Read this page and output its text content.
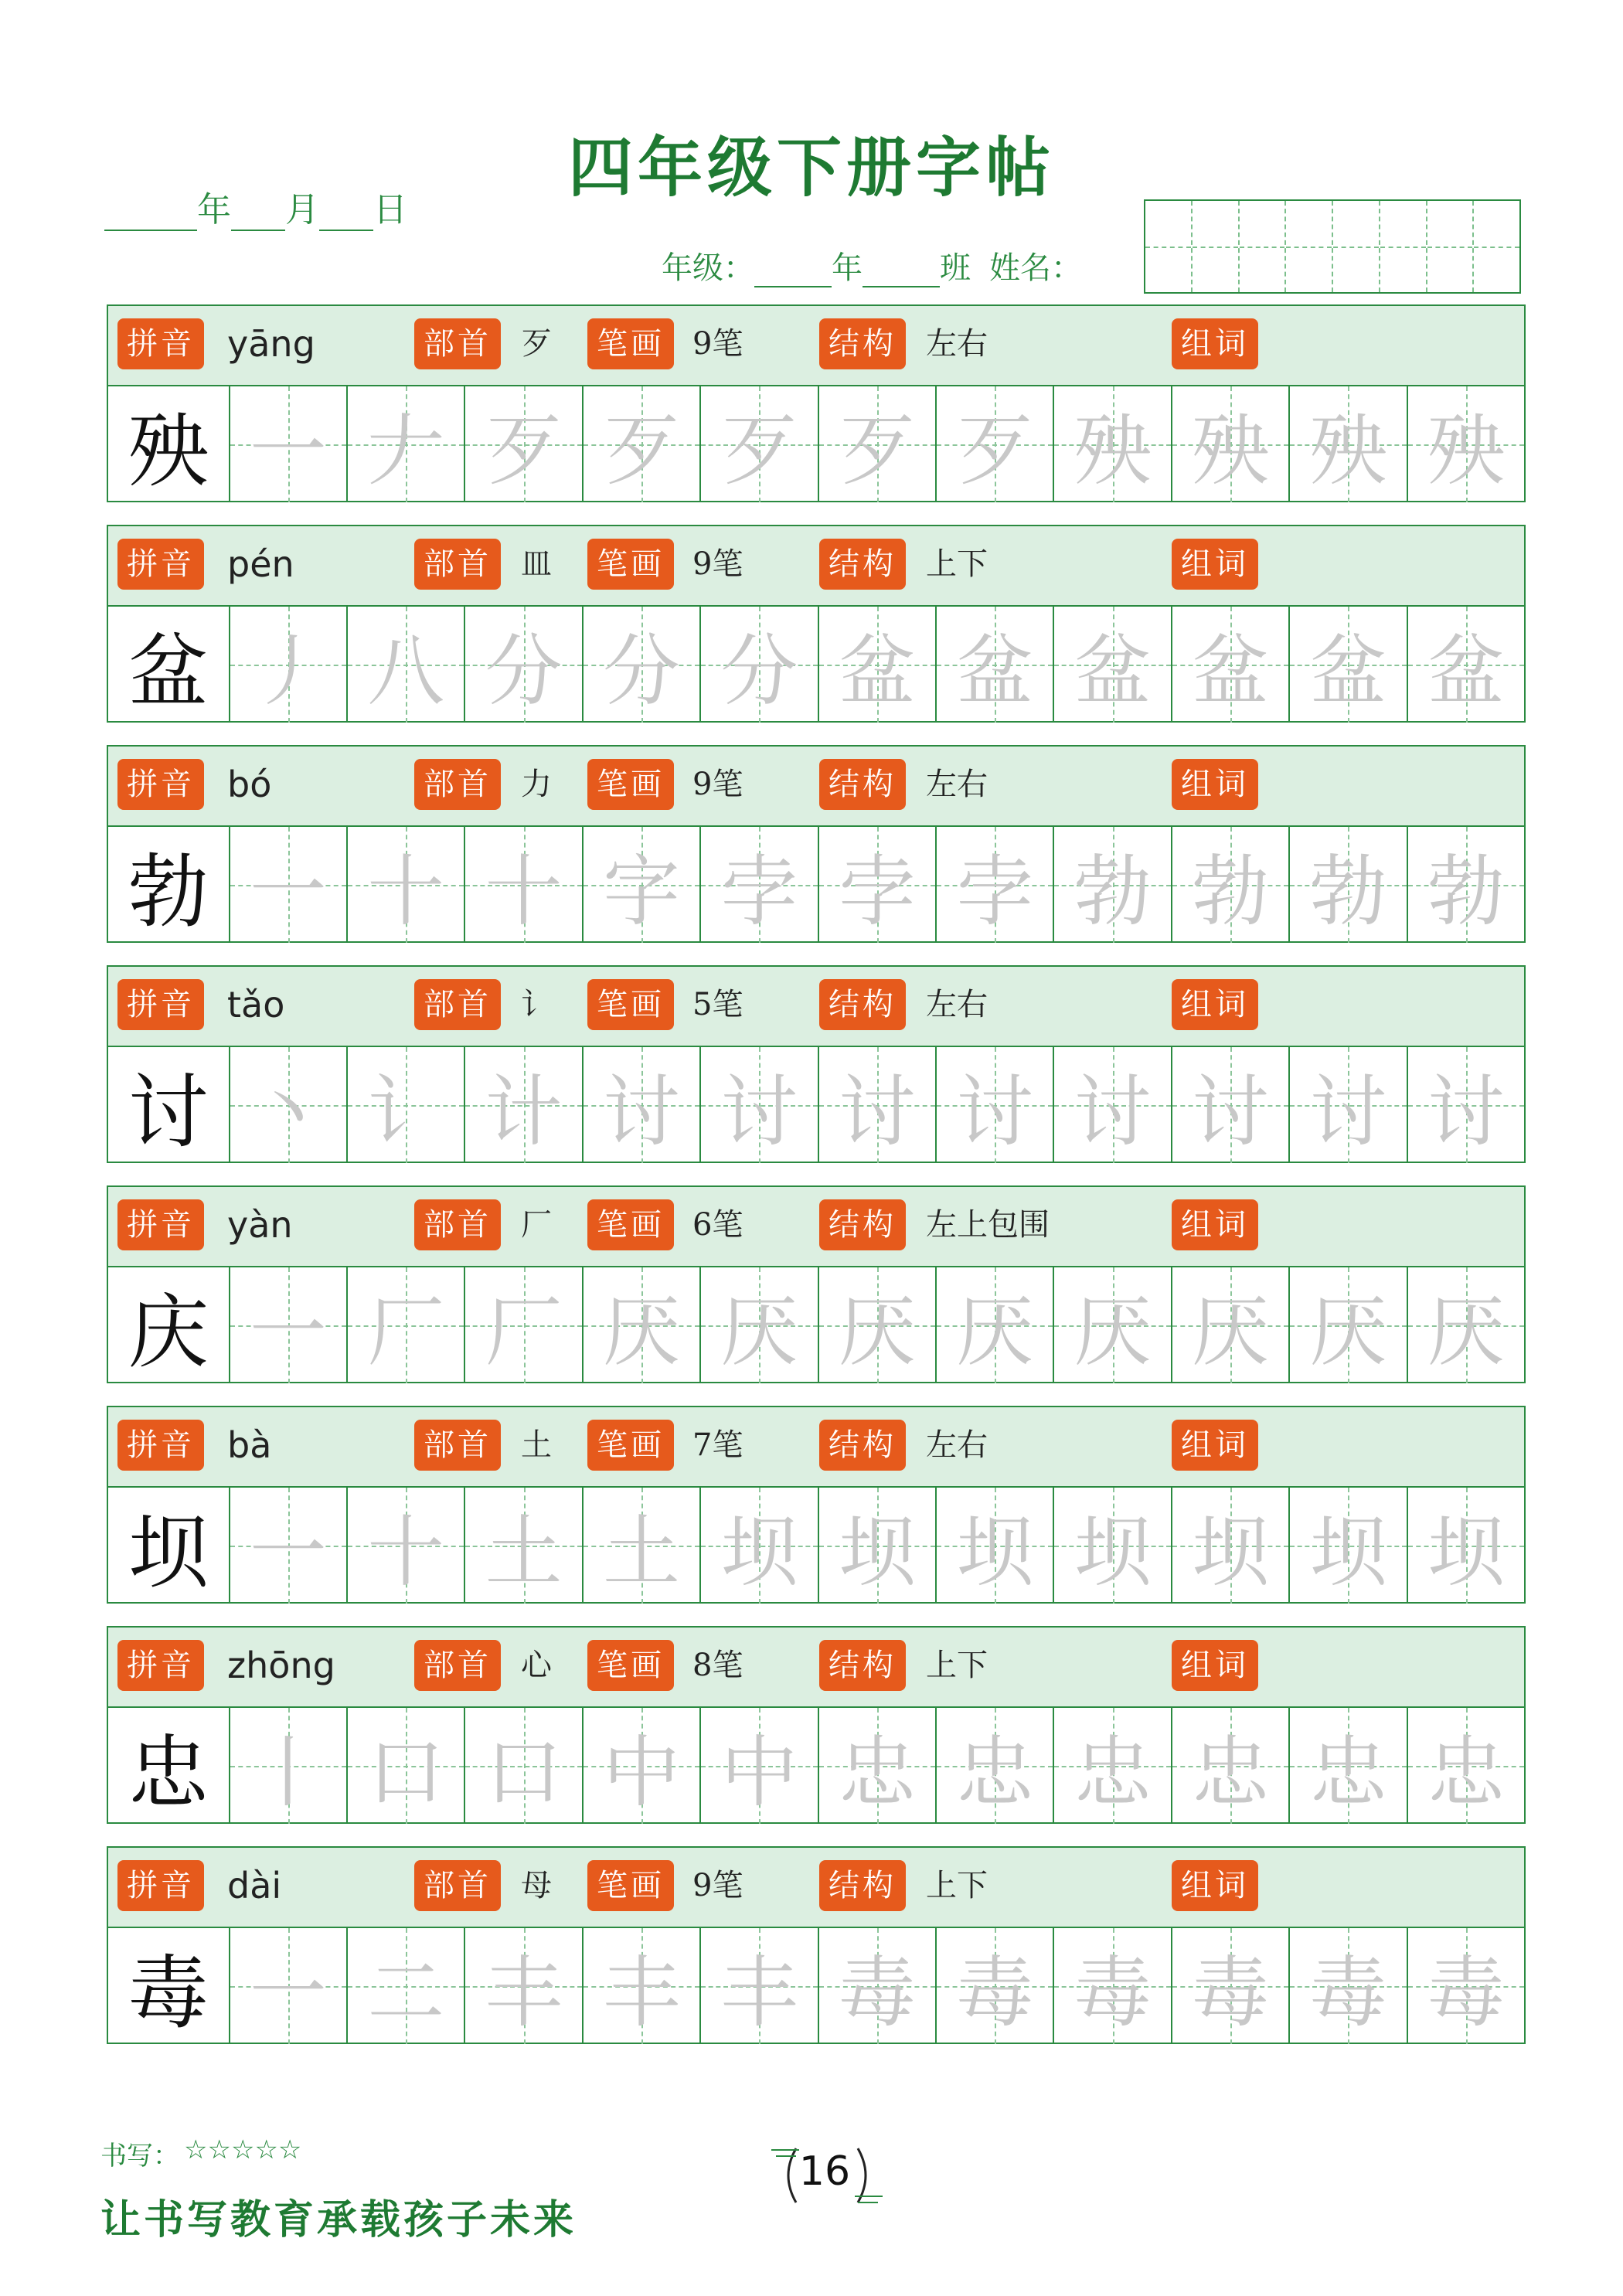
四年级下册字帖
年 月 日
年级：	年	班 姓名：
拼音 yāng	部首 歹	笔画 9笔	结构 左右	组词
殃 一 𠂇 歹 歹 歹 歹 歹 殃 殃 殃 殃
拼音 pén	部首 皿	笔画 9笔	结构 上下	组词
盆 丿 八 分 分 分 盆 盆 盆 盆 盆 盆
拼音 bó	部首 力	笔画 9笔	结构 左右	组词
勃 一 十 十 字 孛 孛 孛 勃 勃 勃 勃
拼音 tǎo	部首 讠	笔画 5笔	结构 左右	组词
讨 丶 讠 计 讨 讨 讨 讨 讨 讨 讨 讨
拼音 yàn	部首 厂	笔画 6笔	结构 左上包围	组词
庆 一 厂 厂 厌 厌 厌 厌 厌 厌 厌 厌
拼音 bà	部首 土	笔画 7笔	结构 左右	组词
坝 一 十 土 土 坝 坝 坝 坝 坝 坝 坝
拼音 zhōng	部首 心	笔画 8笔	结构 上下	组词
忠 丨 口 口 中 中 忠 忠 忠 忠 忠 忠
拼音 dài	部首 母	笔画 9笔	结构 上下	组词
毒 一 二 丰 丰 丰 毒 毒 毒 毒 毒 毒
书写： ☆☆☆☆☆
让书写教育承载孩子未来
16
